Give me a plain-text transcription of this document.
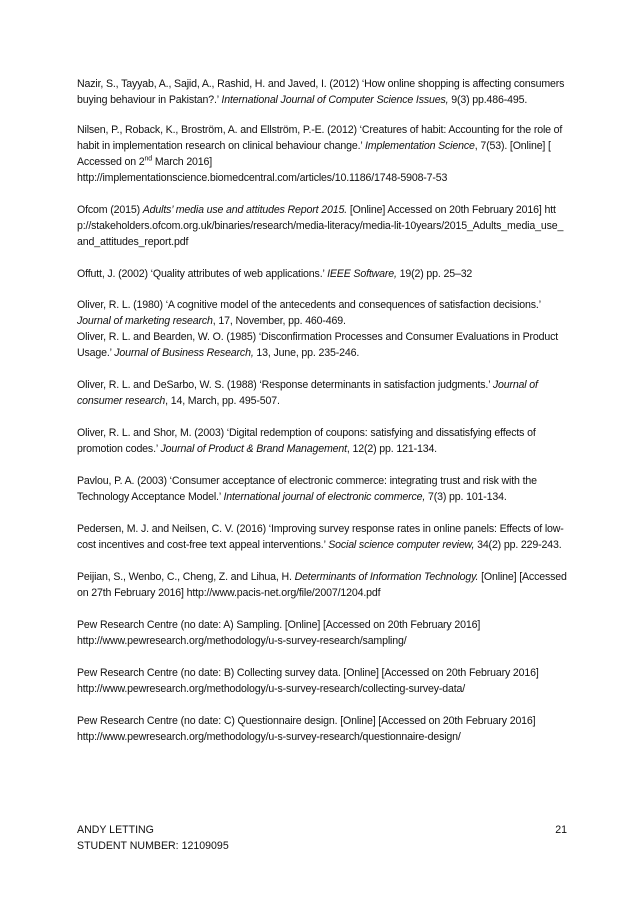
Nazir, S., Tayyab, A., Sajid, A., Rashid, H. and Javed, I. (2012) ‘How online shopping is affecting consumers buying behaviour in Pakistan?.’ International Journal of Computer Science Issues, 9(3) pp.486-495.
Nilsen, P., Roback, K., Broström, A. and Ellström, P.-E. (2012) ‘Creatures of habit: Accounting for the role of habit in implementation research on clinical behaviour change.’ Implementation Science, 7(53). [Online] [ Accessed on 2nd March 2016]
http://implementationscience.biomedcentral.com/articles/10.1186/1748-5908-7-53
Ofcom (2015) Adults’ media use and attitudes Report 2015. [Online] Accessed on 20th February 2016] http://stakeholders.ofcom.org.uk/binaries/research/media-literacy/media-lit-10years/2015_Adults_media_use_and_attitudes_report.pdf
Offutt, J. (2002) ‘Quality attributes of web applications.’ IEEE Software, 19(2) pp. 25–32
Oliver, R. L. (1980) ‘A cognitive model of the antecedents and consequences of satisfaction decisions.’ Journal of marketing research, 17, November, pp. 460-469.
Oliver, R. L. and Bearden, W. O. (1985) ‘Disconfirmation Processes and Consumer Evaluations in Product Usage.’ Journal of Business Research, 13, June, pp. 235-246.
Oliver, R. L. and DeSarbo, W. S. (1988) ‘Response determinants in satisfaction judgments.’ Journal of consumer research, 14, March, pp. 495-507.
Oliver, R. L. and Shor, M. (2003) ‘Digital redemption of coupons: satisfying and dissatisfying effects of promotion codes.’ Journal of Product & Brand Management, 12(2) pp. 121-134.
Pavlou, P. A. (2003) ‘Consumer acceptance of electronic commerce: integrating trust and risk with the Technology Acceptance Model.’ International journal of electronic commerce, 7(3) pp. 101-134.
Pedersen, M. J. and Neilsen, C. V. (2016) ‘Improving survey response rates in online panels: Effects of low-cost incentives and cost-free text appeal interventions.’ Social science computer review, 34(2) pp. 229-243.
Peijian, S., Wenbo, C., Cheng, Z. and Lihua, H. Determinants of Information Technology. [Online] [Accessed on 27th February 2016] http://www.pacis-net.org/file/2007/1204.pdf
Pew Research Centre (no date: A) Sampling. [Online] [Accessed on 20th February 2016]
http://www.pewresearch.org/methodology/u-s-survey-research/sampling/
Pew Research Centre (no date: B) Collecting survey data. [Online] [Accessed on 20th February 2016]
http://www.pewresearch.org/methodology/u-s-survey-research/collecting-survey-data/
Pew Research Centre (no date: C) Questionnaire design. [Online] [Accessed on 20th February 2016]
http://www.pewresearch.org/methodology/u-s-survey-research/questionnaire-design/
ANDY LETTING	21
STUDENT NUMBER: 12109095
